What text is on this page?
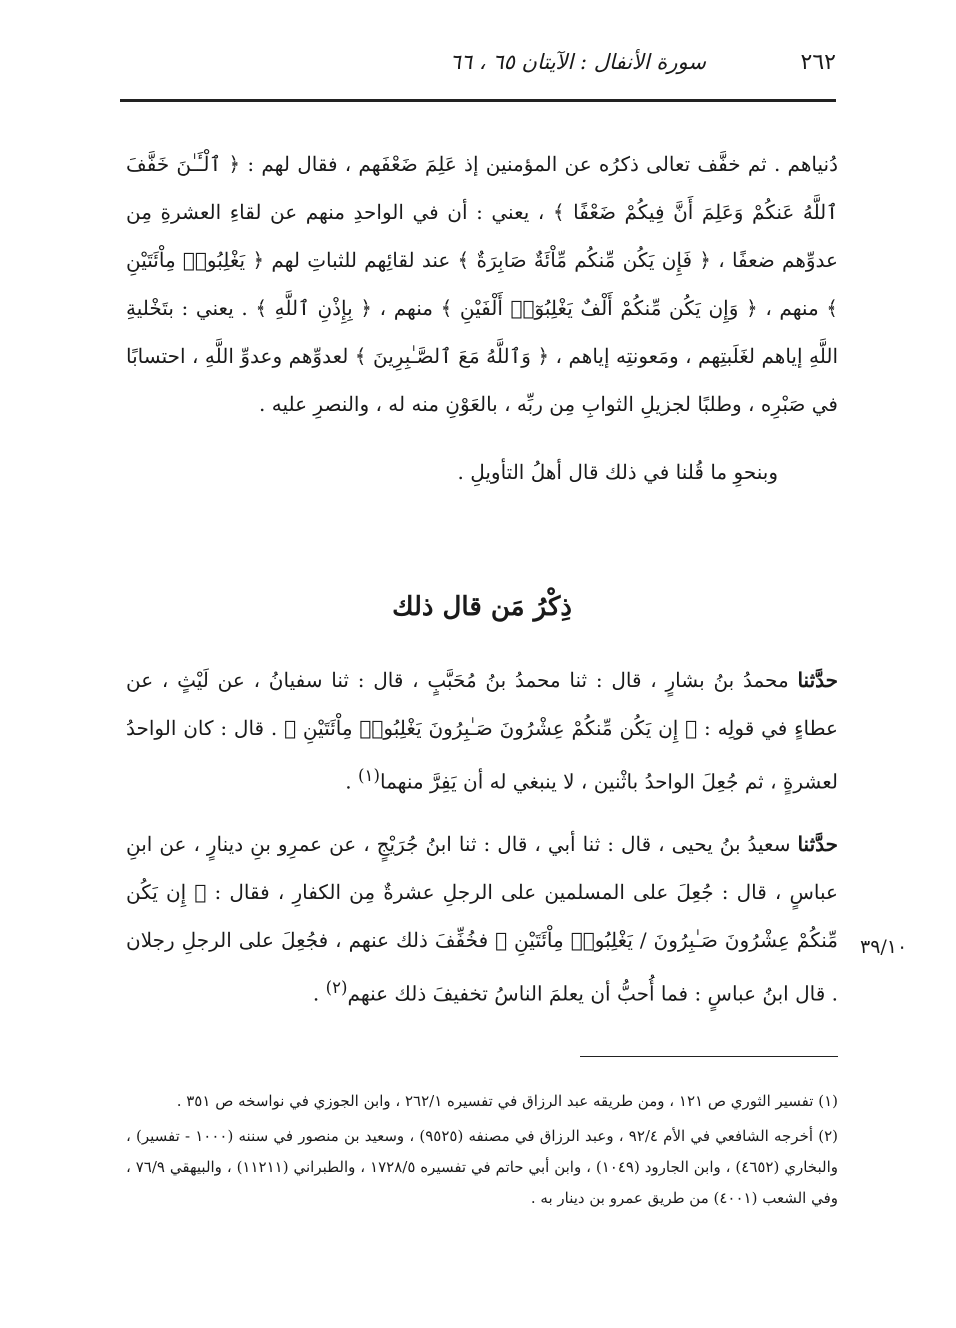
٢٦٢
سورة الأنفال : الآيتان ٦٥ ، ٦٦

دُنياهم . ثم خفَّف تعالى ذكرُه عن المؤمنين إذ عَلِمَ ضَعْفَهم ، فقال لهم : ﴿ ٱلْـَٔـٰنَ خَفَّفَ ٱللَّهُ عَنكُمْ وَعَلِمَ أَنَّ فِيكُمْ ضَعْفًا ﴾ ، يعني : أن في الواحدِ منهم عن لقاءِ العشرةِ مِن عدوِّهم ضعفًا ، ﴿ فَإِن يَكُن مِّنكُم مِّاْئَةٌ صَابِرَةٌ ﴾ عند لقائِهم للثباتِ لهم ﴿ يَغْلِبُوا۟ مِاْئَتَيْنِ ﴾ منهم ، ﴿ وَإِن يَكُن مِّنكُمْ أَلْفٌ يَغْلِبُوٓا۟ أَلْفَيْنِ ﴾ منهم ، ﴿ بِإِذْنِ ٱللَّهِ ﴾ . يعني : بتَخْليةِ اللَّهِ إياهم لغَلَبتِهم ، ومَعونتِه إياهم ، ﴿ وَٱللَّهُ مَعَ ٱلصَّـٰبِرِينَ ﴾ لعدوِّهم وعدوِّ اللَّهِ ، احتسابًا في صَبْرِه ، وطلبًا لجزيلِ الثوابِ مِن ربِّه ، بالعَوْنِ منه له ، والنصرِ عليه .

وبنحوِ ما قُلنا في ذلك قال أهلُ التأويلِ .

ذِكْرُ مَن قال ذلك

حدَّثنا محمدُ بنُ بشارٍ ، قال : ثنا محمدُ بنُ مُحَبَّبٍ ، قال : ثنا سفيانُ ، عن لَيْثٍ ، عن عطاءٍ في قولِه : ﴿ إِن يَكُن مِّنكُمْ عِشْرُونَ صَـٰبِرُونَ يَغْلِبُوا۟ مِاْئَتَيْنِ ﴾ . قال : كان الواحدُ لعشرةٍ ، ثم جُعِلَ الواحدُ باثْنين ، لا ينبغي له أن يَفِرَّ منهما$^{(١)}$ .

حدَّثنا سعيدُ بنُ يحيى ، قال : ثنا أبي ، قال : ثنا ابنُ جُرَيْجٍ ، عن عمرِو بنِ دينارٍ ، عن ابنِ عباسٍ ، قال : جُعِلَ على المسلمين على الرجلِ عشرةٌ مِن الكفارِ ، فقال : ﴿ إِن يَكُن مِّنكُمْ عِشْرُونَ صَـٰبِرُونَ / يَغْلِبُوا۟ مِاْئَتَيْنِ ﴾ فخُفِّفَ ذلك عنهم ، فجُعِلَ على الرجلِ رجلان . قال ابنُ عباسٍ : فما أُحبُّ أن يعلمَ الناسُ تخفيفَ ذلك عنهم$^{(٢)}$ .

٣٩/١٠

(١) تفسير الثوري ص ١٢١ ، ومن طريقه عبد الرزاق في تفسيره ٢٦٢/١ ، وابن الجوزي في نواسخه ص ٣٥١ .

(٢) أخرجه الشافعي في الأم ٩٢/٤ ، وعبد الرزاق في مصنفه (٩٥٢٥) ، وسعيد بن منصور في سننه (١٠٠٠ - تفسير) ، والبخاري (٤٦٥٢) ، وابن الجارود (١٠٤٩) ، وابن أبي حاتم في تفسيره ١٧٢٨/٥ ، والطبراني (١١٢١١) ، والبيهقي ٧٦/٩ ، وفي الشعب (٤٠٠١) من طريق عمرو بن دينار به .
